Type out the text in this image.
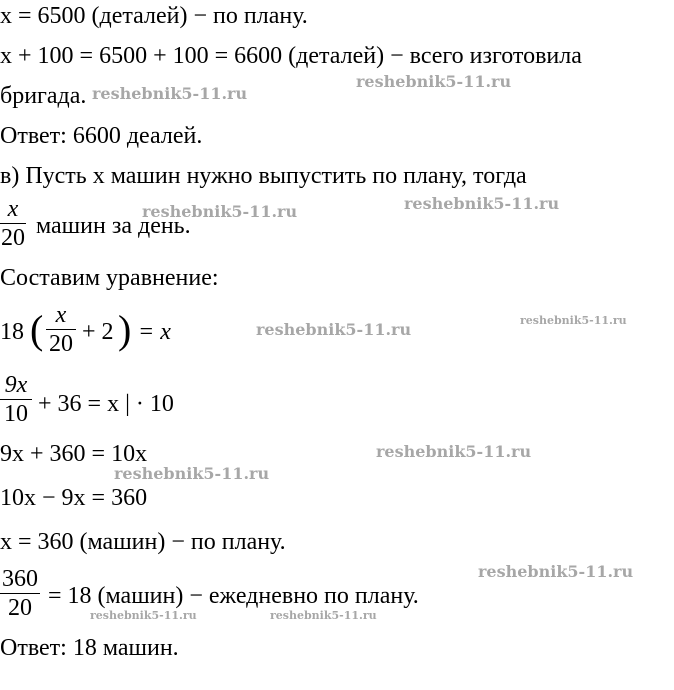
x = 6500 (деталей) − по плану.
x + 100 = 6500 + 100 = 6600 (деталей) − всего изготовила
бригада.
Ответ: 6600 деалей.
в) Пусть x машин нужно выпустить по плану, тогда
x
20 машин за день.
Составим уравнение:
18 ( x
20 + 2 ) = x
9x
10 + 36 = x | · 10
9x + 360 = 10x
10x − 9x = 360
x = 360 (машин) − по плану.
360
20 = 18 (машин) − ежедневно по плану.
Ответ: 18 машин.
reshebnik5-11.ru
reshebnik5-11.ru
reshebnik5-11.ru
reshebnik5-11.ru
reshebnik5-11.ru	reshebnik5-11.ru
reshebnik5-11.ru
reshebnik5-11.ru
reshebnik5-11.ru
reshebnik5-11.ru	reshebnik5-11.ru
